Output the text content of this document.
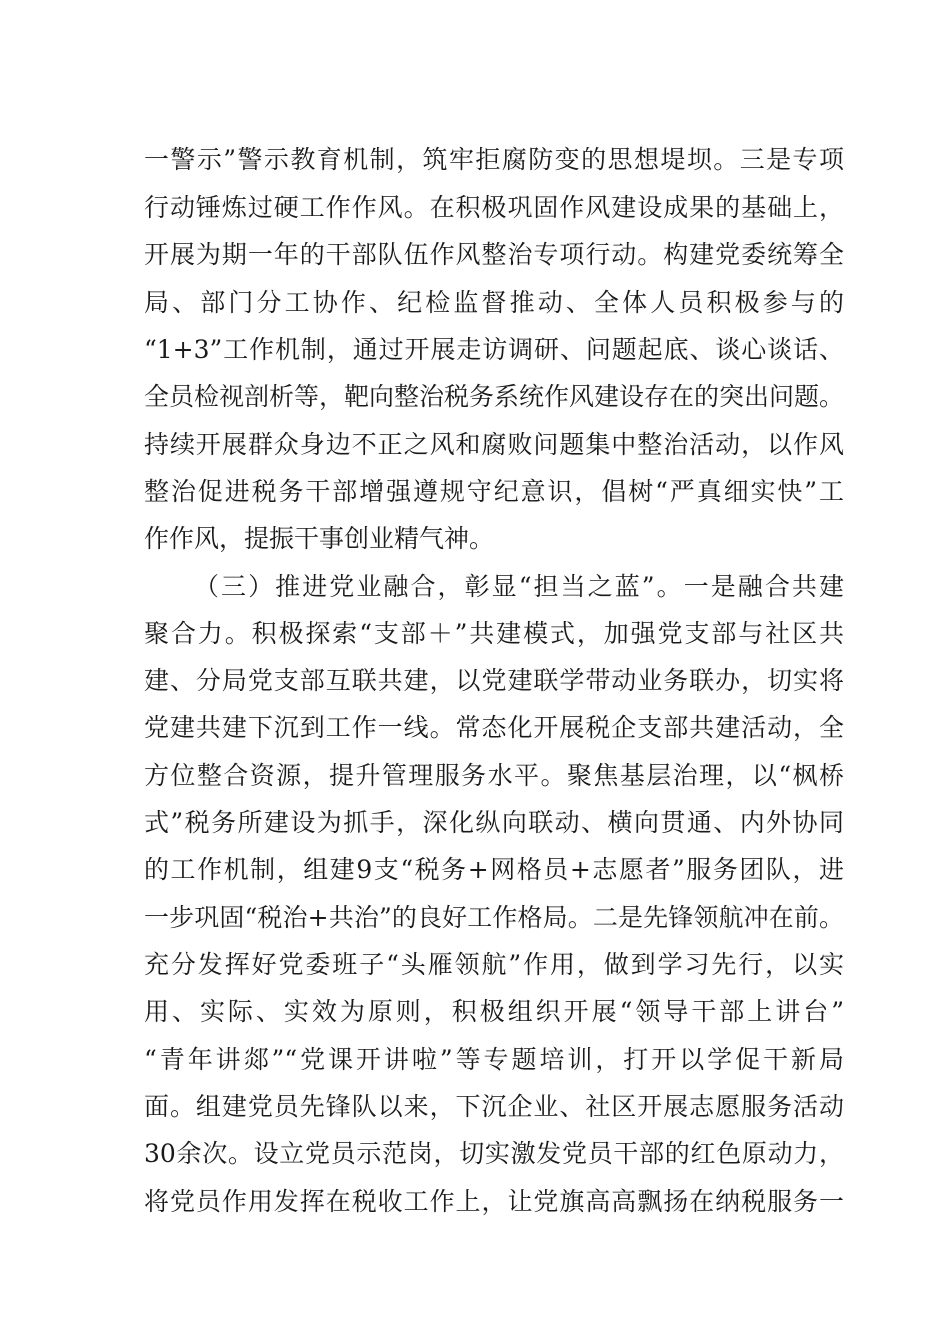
一警示”警示教育机制，筑牢拒腐防变的思想堤坝。三是专项
行动锤炼过硬工作作风。在积极巩固作风建设成果的基础上，
开展为期一年的干部队伍作风整治专项行动。构建党委统筹全
局、部门分工协作、纪检监督推动、全体人员积极参与的
“1+3”工作机制，通过开展走访调研、问题起底、谈心谈话、
全员检视剖析等，靶向整治税务系统作风建设存在的突出问题。
持续开展群众身边不正之风和腐败问题集中整治活动，以作风
整治促进税务干部增强遵规守纪意识，倡树“严真细实快”工
作作风，提振干事创业精气神。
（三）推进党业融合，彰显“担当之蓝”。一是融合共建
聚合力。积极探索“支部＋”共建模式，加强党支部与社区共
建、分局党支部互联共建，以党建联学带动业务联办，切实将
党建共建下沉到工作一线。常态化开展税企支部共建活动，全
方位整合资源，提升管理服务水平。聚焦基层治理，以“枫桥
式”税务所建设为抓手，深化纵向联动、横向贯通、内外协同
的工作机制，组建9支“税务+网格员+志愿者”服务团队，进
一步巩固“税治+共治”的良好工作格局。二是先锋领航冲在前。
充分发挥好党委班子“头雁领航”作用，做到学习先行，以实
用、实际、实效为原则，积极组织开展“领导干部上讲台”
“青年讲郯”“党课开讲啦”等专题培训，打开以学促干新局
面。组建党员先锋队以来，下沉企业、社区开展志愿服务活动
30余次。设立党员示范岗，切实激发党员干部的红色原动力，
将党员作用发挥在税收工作上，让党旗高高飘扬在纳税服务一
